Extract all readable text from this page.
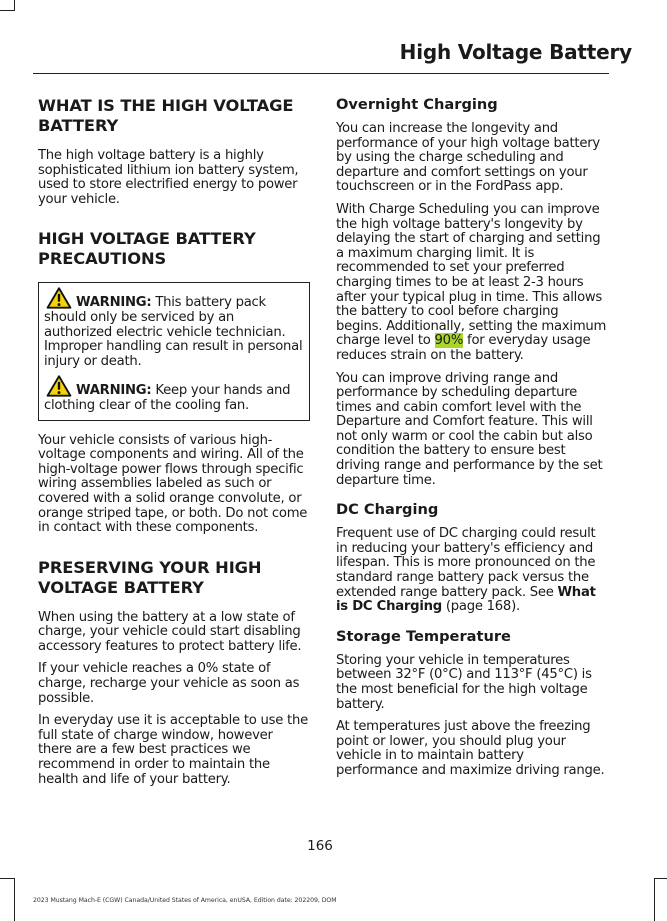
High Voltage Battery
WHAT IS THE HIGH VOLTAGE BATTERY

The high voltage battery is a highly sophisticated lithium ion battery system, used to store electrified energy to power your vehicle.

HIGH VOLTAGE BATTERY PRECAUTIONS

WARNING: This battery pack should only be serviced by an authorized electric vehicle technician. Improper handling can result in personal injury or death.

WARNING: Keep your hands and clothing clear of the cooling fan.

Your vehicle consists of various high-voltage components and wiring. All of the high-voltage power flows through specific wiring assemblies labeled as such or covered with a solid orange convolute, or orange striped tape, or both. Do not come in contact with these components.

PRESERVING YOUR HIGH VOLTAGE BATTERY

When using the battery at a low state of charge, your vehicle could start disabling accessory features to protect battery life.

If your vehicle reaches a 0% state of charge, recharge your vehicle as soon as possible.

In everyday use it is acceptable to use the full state of charge window, however there are a few best practices we recommend in order to maintain the health and life of your battery.

Overnight Charging

You can increase the longevity and performance of your high voltage battery by using the charge scheduling and departure and comfort settings on your touchscreen or in the FordPass app.

With Charge Scheduling you can improve the high voltage battery's longevity by delaying the start of charging and setting a maximum charging limit. It is recommended to set your preferred charging times to be at least 2-3 hours after your typical plug in time. This allows the battery to cool before charging begins. Additionally, setting the maximum charge level to 90% for everyday usage reduces strain on the battery.

You can improve driving range and performance by scheduling departure times and cabin comfort level with the Departure and Comfort feature. This will not only warm or cool the cabin but also condition the battery to ensure best driving range and performance by the set departure time.

DC Charging

Frequent use of DC charging could result in reducing your battery's efficiency and lifespan. This is more pronounced on the standard range battery pack versus the extended range battery pack. See What is DC Charging (page 168).

Storage Temperature

Storing your vehicle in temperatures between 32°F (0°C) and 113°F (45°C) is the most beneficial for the high voltage battery.

At temperatures just above the freezing point or lower, you should plug your vehicle in to maintain battery performance and maximize driving range.

166
2023 Mustang Mach-E (CGW) Canada/United States of America, enUSA, Edition date: 202209, DOM
